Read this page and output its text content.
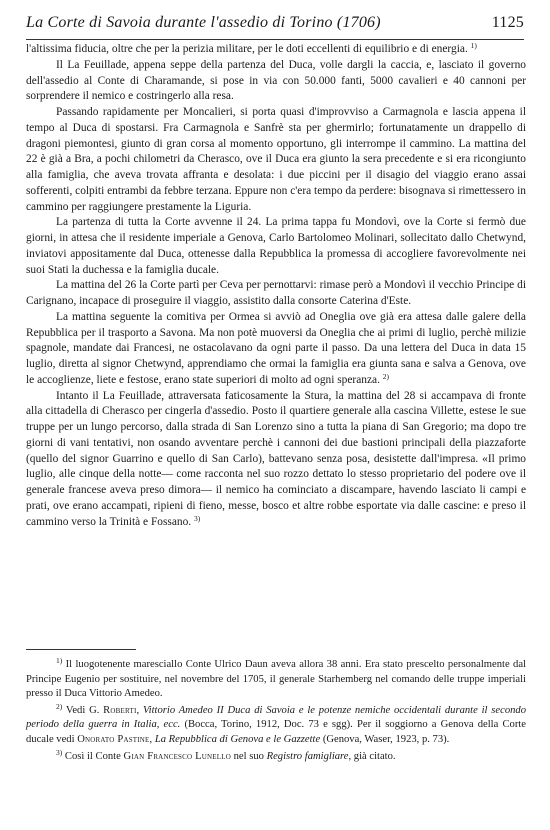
La Corte di Savoia durante l'assedio di Torino (1706)	1125

l'altissima fiducia, oltre che per la perizia militare, per le doti eccellenti di equilibrio e di energia. $^{1)}$

Il La Feuillade, appena seppe della partenza del Duca, volle dargli la caccia, e, lasciato il governo dell'assedio al Conte di Charamande, si pose in via con 50.000 fanti, 5000 cavalieri e 40 cannoni per sorprendere il nemico e costringerlo alla resa.

Passando rapidamente per Moncalieri, si porta quasi d'improvviso a Carmagnola e lascia appena il tempo al Duca di spostarsi. Fra Carmagnola e Sanfrè sta per ghermirlo; fortunatamente un drappello di dragoni piemontesi, giunto di gran corsa al momento opportuno, gli interrompe il cammino. La mattina del 22 è già a Bra, a pochi chilometri da Cherasco, ove il Duca era giunto la sera precedente e si era ricongiunto alla famiglia, che aveva trovata affranta e desolata: i due piccini per il disagio del viaggio erano assai sofferenti, colpiti entrambi da febbre terzana. Eppure non c'era tempo da perdere: bisognava si rimettessero in cammino per raggiungere prestamente la Liguria.

La partenza di tutta la Corte avvenne il 24. La prima tappa fu Mondovì, ove la Corte si fermò due giorni, in attesa che il residente imperiale a Genova, Carlo Bartolomeo Molinari, sollecitato dallo Chetwynd, inviatovi appositamente dal Duca, ottenesse dalla Repubblica la promessa di accogliere favorevolmente nei suoi Stati la duchessa e la famiglia ducale.

La mattina del 26 la Corte partì per Ceva per pernottarvi: rimase però a Mondovì il vecchio Principe di Carignano, incapace di proseguire il viaggio, assistito dalla consorte Caterina d'Este.

La mattina seguente la comitiva per Ormea si avviò ad Oneglia ove già era attesa dalle galere della Repubblica per il trasporto a Savona. Ma non potè muoversi da Oneglia che ai primi di luglio, perchè milizie spagnole, mandate dai Francesi, ne ostacolavano da ogni parte il passo. Da una lettera del Duca in data 15 luglio, diretta al signor Chetwynd, apprendiamo che ormai la famiglia era giunta sana e salva a Genova, ove le accoglienze, liete e festose, erano state superiori di molto ad ogni speranza. $^{2)}$

Intanto il La Feuillade, attraversata faticosamente la Stura, la mattina del 28 si accampava di fronte alla cittadella di Cherasco per cingerla d'assedio. Posto il quartiere generale alla cascina Villette, estese le sue truppe per un lungo percorso, dalla strada di San Lorenzo sino a tutta la piana di San Gregorio; ma dopo tre giorni di vani tentativi, non osando avventare perchè i cannoni dei due bastioni principali della piazzaforte (quello del signor Guarrino e quello di San Carlo), battevano senza posa, desistette dall'impresa. «Il primo luglio, alle cinque della notte— come racconta nel suo rozzo dettato lo stesso proprietario del podere ove il generale francese aveva preso dimora— il nemico ha cominciato a discampare, havendo lasciato li campi e prati, ove erano accampati, ripieni di fieno, messe, bosco et altre robbe esportate via dalle cascine: e preso il cammino verso la Trinità e Fossano. $^{3)}$

$^{1)}$ Il luogotenente maresciallo Conte Ulrico Daun aveva allora 38 anni. Era stato prescelto personalmente dal Principe Eugenio per sostituire, nel novembre del 1705, il generale Starhemberg nel comando delle truppe imperiali presso il Duca Vittorio Amedeo.

$^{2)}$ Vedi G. Roberti, Vittorio Amedeo II Duca di Savoia e le potenze nemiche occidentali durante il secondo periodo della guerra in Italia, ecc. (Bocca, Torino, 1912, Doc. 73 e sgg). Per il soggiorno a Genova della Corte ducale vedi Onorato Pastine, La Repubblica di Genova e le Gazzette (Genova, Waser, 1923, p. 73).

$^{3)}$ Così il Conte Gian Francesco Lunello nel suo Registro famigliare, già citato.
